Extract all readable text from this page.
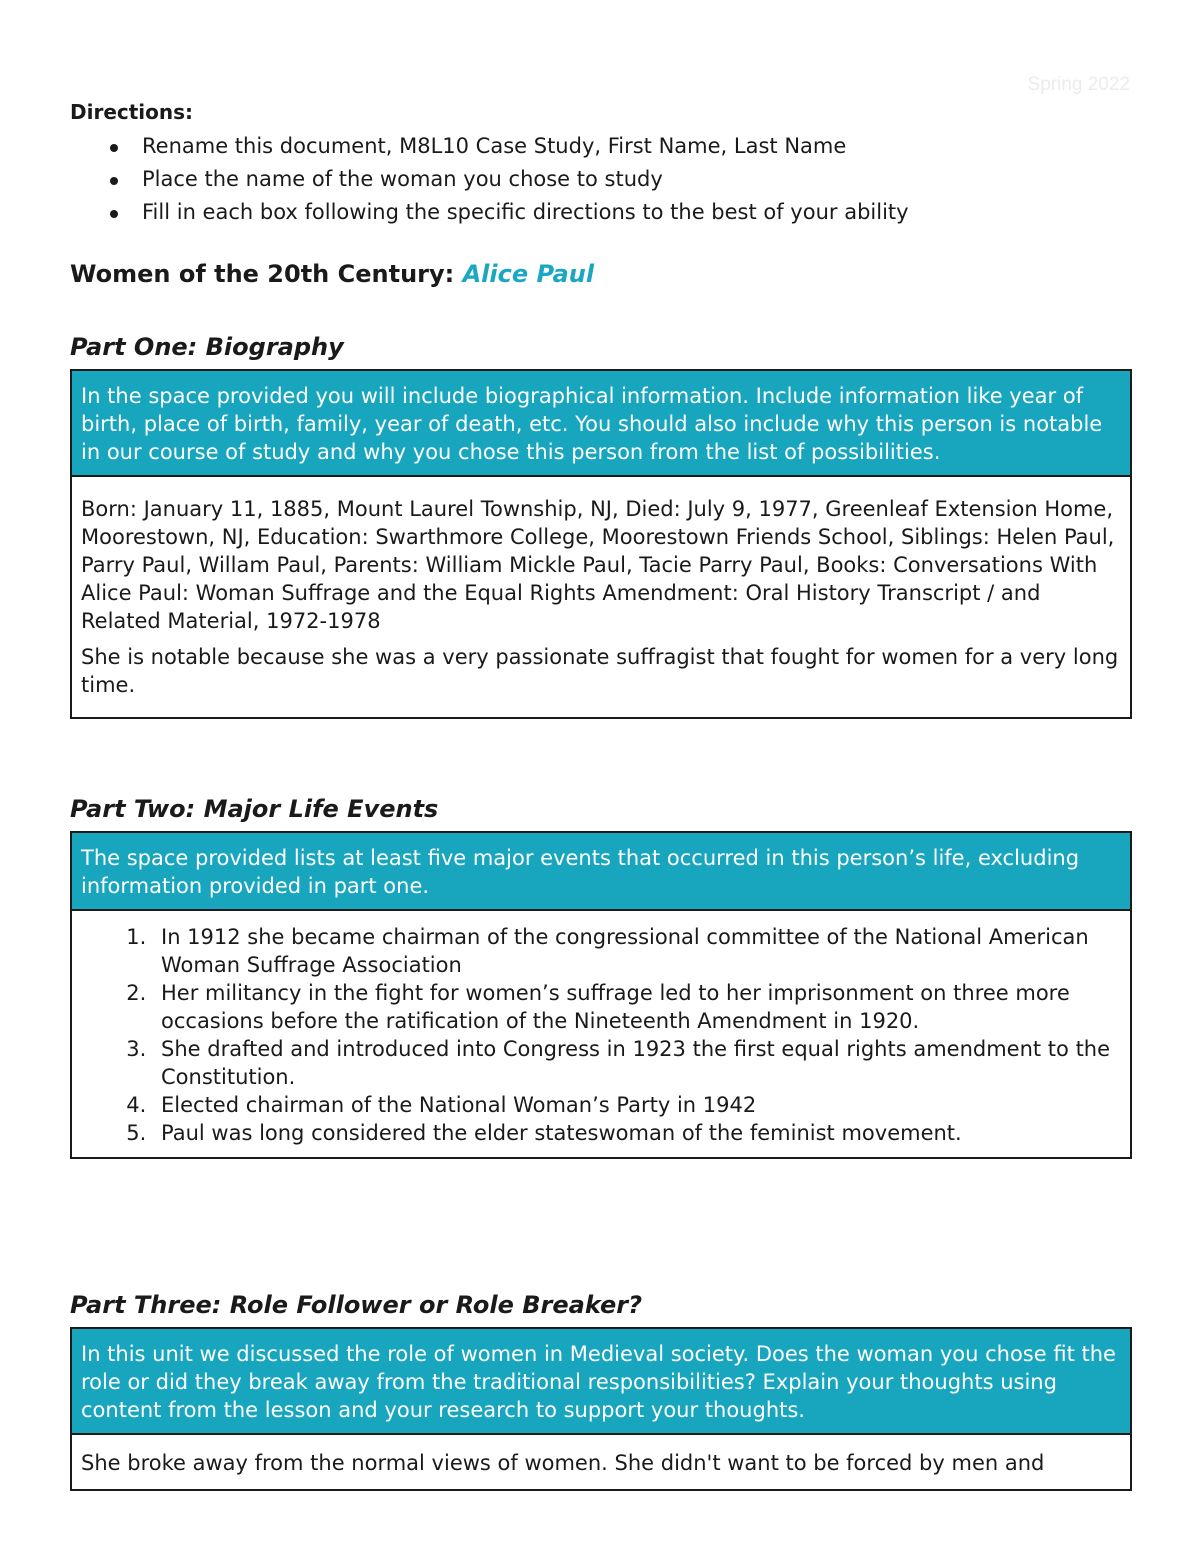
Spring 2022
Directions:
Rename this document, M8L10 Case Study, First Name, Last Name
Place the name of the woman you chose to study
Fill in each box following the specific directions to the best of your ability
Women of the 20th Century: Alice Paul
Part One: Biography
In the space provided you will include biographical information. Include information like year of birth, place of birth, family, year of death, etc. You should also include why this person is notable in our course of study and why you chose this person from the list of possibilities.

Born: January 11, 1885, Mount Laurel Township, NJ, Died: July 9, 1977, Greenleaf Extension Home, Moorestown, NJ, Education: Swarthmore College, Moorestown Friends School, Siblings: Helen Paul, Parry Paul, Willam Paul, Parents: William Mickle Paul, Tacie Parry Paul, Books: Conversations With Alice Paul: Woman Suffrage and the Equal Rights Amendment: Oral History Transcript / and Related Material, 1972-1978

She is notable because she was a very passionate suffragist that fought for women for a very long time.

Part Two: Major Life Events
The space provided lists at least five major events that occurred in this person’s life, excluding information provided in part one.
1. In 1912 she became chairman of the congressional committee of the National American Woman Suffrage Association
2. Her militancy in the fight for women’s suffrage led to her imprisonment on three more occasions before the ratification of the Nineteenth Amendment in 1920.
3. She drafted and introduced into Congress in 1923 the first equal rights amendment to the Constitution.
4. Elected chairman of the National Woman’s Party in 1942
5. Paul was long considered the elder stateswoman of the feminist movement.
Part Three: Role Follower or Role Breaker?
In this unit we discussed the role of women in Medieval society. Does the woman you chose fit the role or did they break away from the traditional responsibilities? Explain your thoughts using content from the lesson and your research to support your thoughts.

She broke away from the normal views of women. She didn't want to be forced by men and
